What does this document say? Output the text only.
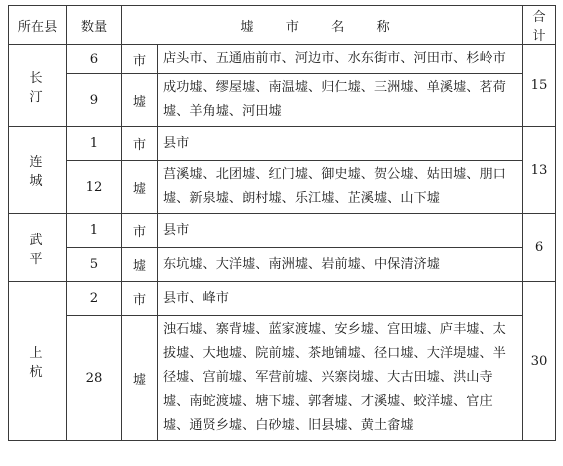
所在县	数量	墟 市 名 称		合计
长 汀	6	市	店头市、五通庙前市、河边市、水东街市、河田市、杉岭市	15
	9	墟	成功墟、缪屋墟、南温墟、归仁墟、三洲墟、单溪墟、茗荷墟、羊角墟、河田墟	
连 城	1	市	县市	13
	12	墟	莒溪墟、北团墟、红门墟、御史墟、贺公墟、姑田墟、朋口墟、新泉墟、朗村墟、乐江墟、芷溪墟、山下墟	
武 平	1	市	县市	6
	5	墟	东坑墟、大洋墟、南洲墟、岩前墟、中保清济墟	
上 杭	2	市	县市、峰市	30
	28	墟	浊石墟、寨背墟、蓝家渡墟、安乡墟、宫田墟、庐丰墟、太拔墟、大地墟、院前墟、茶地铺墟、径口墟、大洋堤墟、半径墟、宫前墟、军营前墟、兴寨岗墟、大古田墟、洪山寺墟、南蛇渡墟、塘下墟、郭奢墟、才溪墟、蛟洋墟、官庄墟、通贤乡墟、白砂墟、旧县墟、黄土畲墟	
